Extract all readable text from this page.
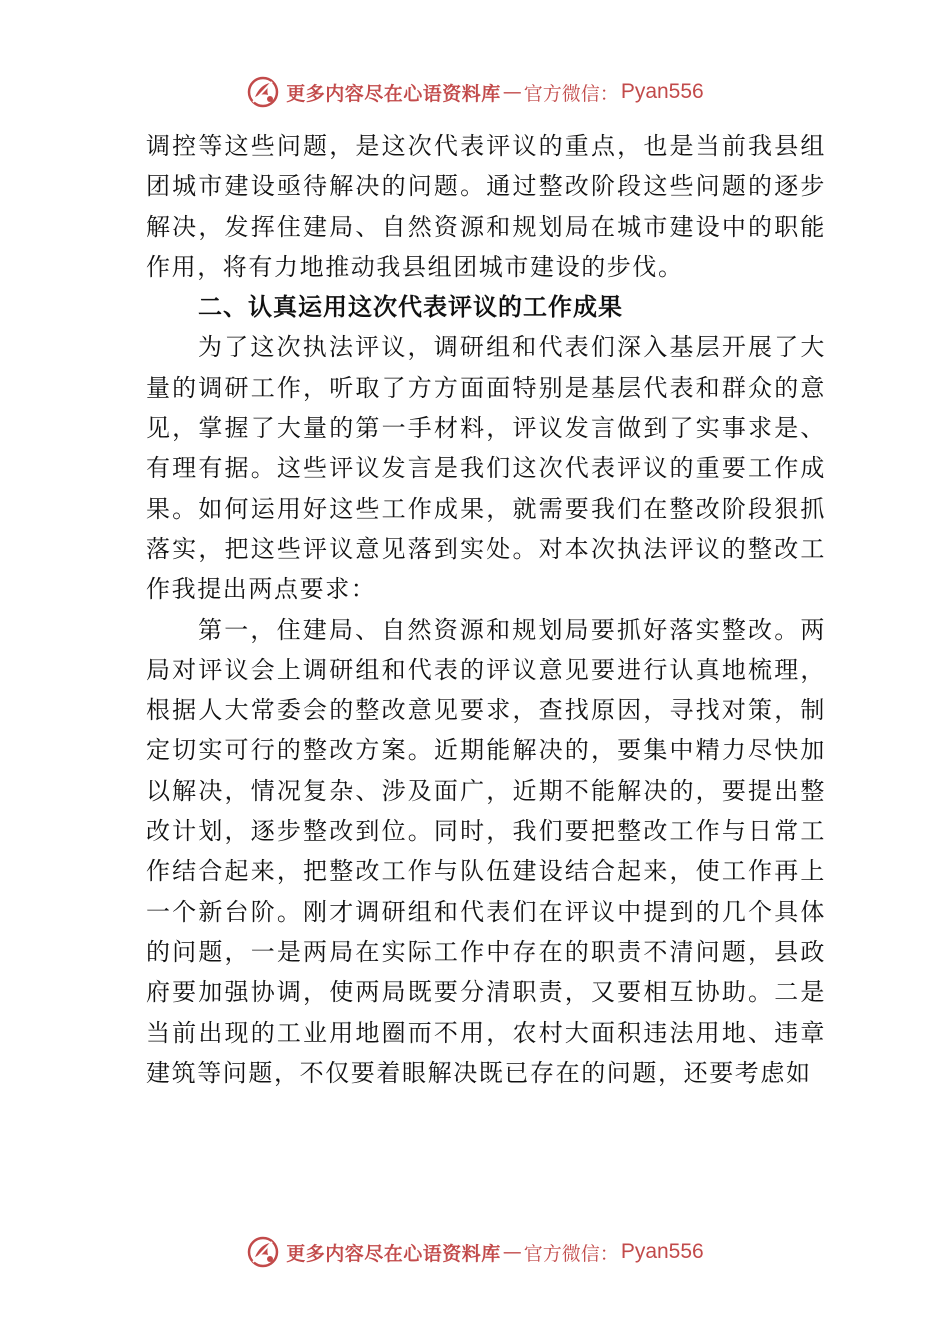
更多内容尽在心语资料库 — 官方微信： Pyan556

调控等这些问题，是这次代表评议的重点，也是当前我县组团城市建设亟待解决的问题。通过整改阶段这些问题的逐步解决，发挥住建局、自然资源和规划局在城市建设中的职能作用，将有力地推动我县组团城市建设的步伐。

二、认真运用这次代表评议的工作成果

为了这次执法评议，调研组和代表们深入基层开展了大量的调研工作，听取了方方面面特别是基层代表和群众的意见，掌握了大量的第一手材料，评议发言做到了实事求是、有理有据。这些评议发言是我们这次代表评议的重要工作成果。如何运用好这些工作成果，就需要我们在整改阶段狠抓落实，把这些评议意见落到实处。对本次执法评议的整改工作我提出两点要求：

第一，住建局、自然资源和规划局要抓好落实整改。两局对评议会上调研组和代表的评议意见要进行认真地梳理，根据人大常委会的整改意见要求，查找原因，寻找对策，制定切实可行的整改方案。近期能解决的，要集中精力尽快加以解决，情况复杂、涉及面广，近期不能解决的，要提出整改计划，逐步整改到位。同时，我们要把整改工作与日常工作结合起来，把整改工作与队伍建设结合起来，使工作再上一个新台阶。刚才调研组和代表们在评议中提到的几个具体的问题，一是两局在实际工作中存在的职责不清问题，县政府要加强协调，使两局既要分清职责，又要相互协助。二是当前出现的工业用地圈而不用，农村大面积违法用地、违章建筑等问题，不仅要着眼解决既已存在的问题，还要考虑如

更多内容尽在心语资料库 — 官方微信： Pyan556
